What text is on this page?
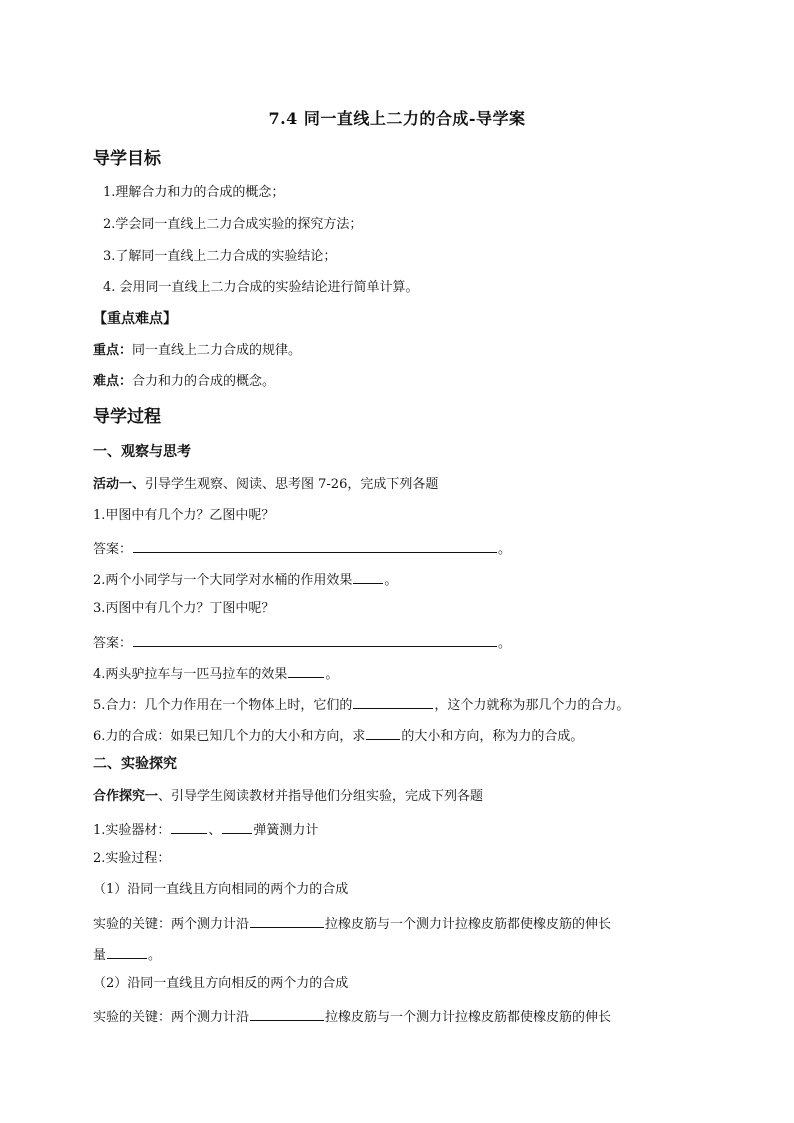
7.4 同一直线上二力的合成-导学案
导学目标
1.理解合力和力的合成的概念；
2.学会同一直线上二力合成实验的探究方法；
3.了解同一直线上二力合成的实验结论；
4. 会用同一直线上二力合成的实验结论进行简单计算。
【重点难点】
重点：同一直线上二力合成的规律。
难点：合力和力的合成的概念。
导学过程
一、观察与思考
活动一、引导学生观察、阅读、思考图 7-26，完成下列各题
1.甲图中有几个力？乙图中呢？
答案：	。
2.两个小同学与一个大同学对水桶的作用效果 。
3.丙图中有几个力？丁图中呢？
答案：	。
4.两头驴拉车与一匹马拉车的效果	。
5.合力：几个力作用在一个物体上时，它们的	，这个力就称为那几个力的合力。
6.力的合成：如果已知几个力的大小和方向，求	的大小和方向，称为力的合成。
二、实验探究
合作探究一、引导学生阅读教材并指导他们分组实验，完成下列各题
1.实验器材：	、 弹簧测力计
2.实验过程：
（1）沿同一直线且方向相同的两个力的合成
实验的关键：两个测力计沿	拉橡皮筋与一个测力计拉橡皮筋都使橡皮筋的伸长
量	。
（2）沿同一直线且方向相反的两个力的合成
实验的关键：两个测力计沿	拉橡皮筋与一个测力计拉橡皮筋都使橡皮筋的伸长
